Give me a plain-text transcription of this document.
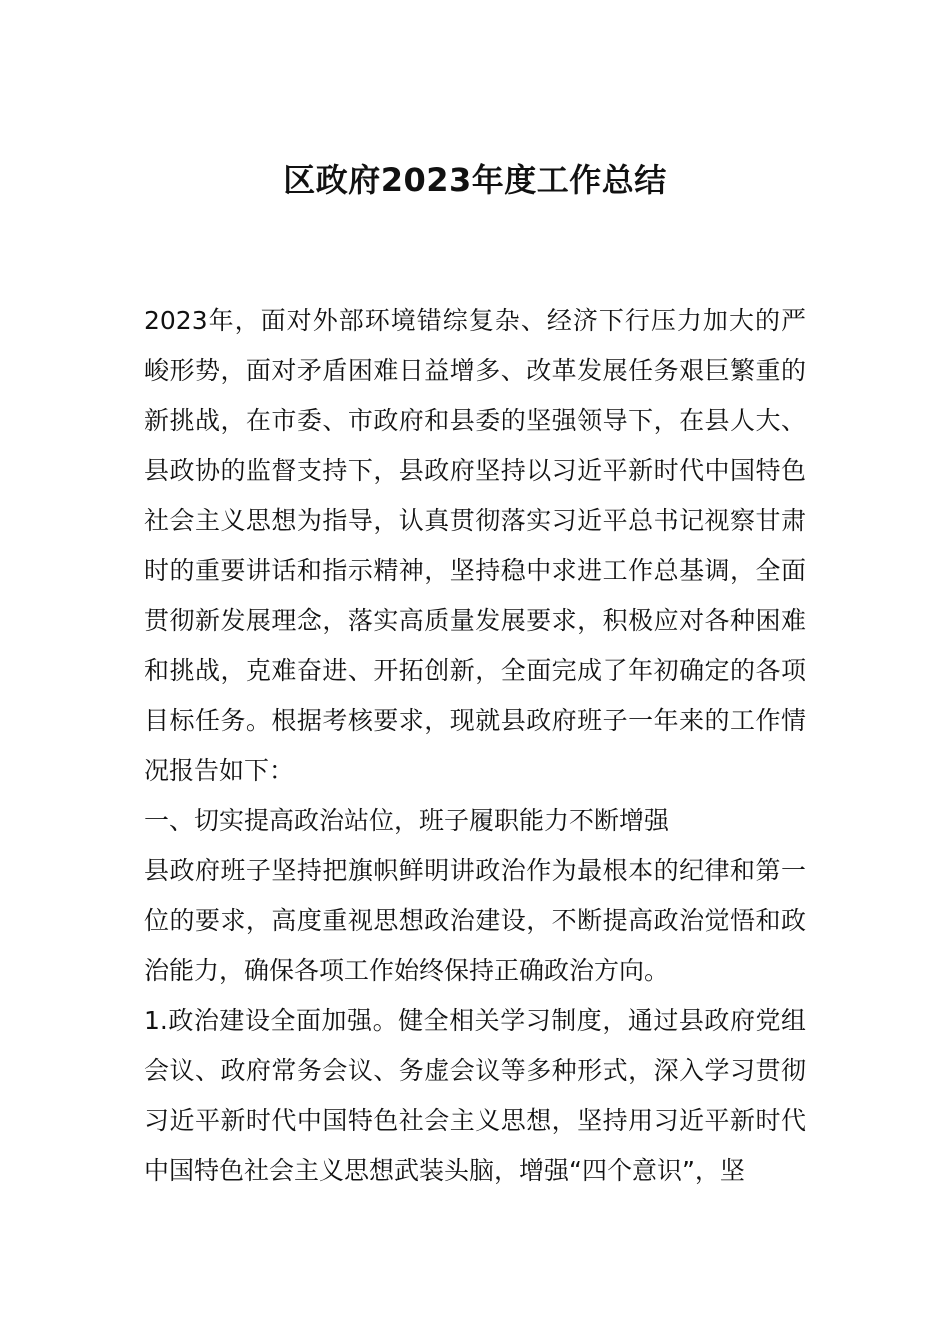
区政府2023年度工作总结

2023年，面对外部环境错综复杂、经济下行压力加大的严峻形势，面对矛盾困难日益增多、改革发展任务艰巨繁重的新挑战，在市委、市政府和县委的坚强领导下，在县人大、县政协的监督支持下，县政府坚持以习近平新时代中国特色社会主义思想为指导，认真贯彻落实习近平总书记视察甘肃时的重要讲话和指示精神，坚持稳中求进工作总基调，全面贯彻新发展理念，落实高质量发展要求，积极应对各种困难和挑战，克难奋进、开拓创新，全面完成了年初确定的各项目标任务。根据考核要求，现就县政府班子一年来的工作情况报告如下：

一、切实提高政治站位，班子履职能力不断增强

县政府班子坚持把旗帜鲜明讲政治作为最根本的纪律和第一位的要求，高度重视思想政治建设，不断提高政治觉悟和政治能力，确保各项工作始终保持正确政治方向。

1.政治建设全面加强。健全相关学习制度，通过县政府党组会议、政府常务会议、务虚会议等多种形式，深入学习贯彻习近平新时代中国特色社会主义思想，坚持用习近平新时代中国特色社会主义思想武装头脑，增强“四个意识”，坚
